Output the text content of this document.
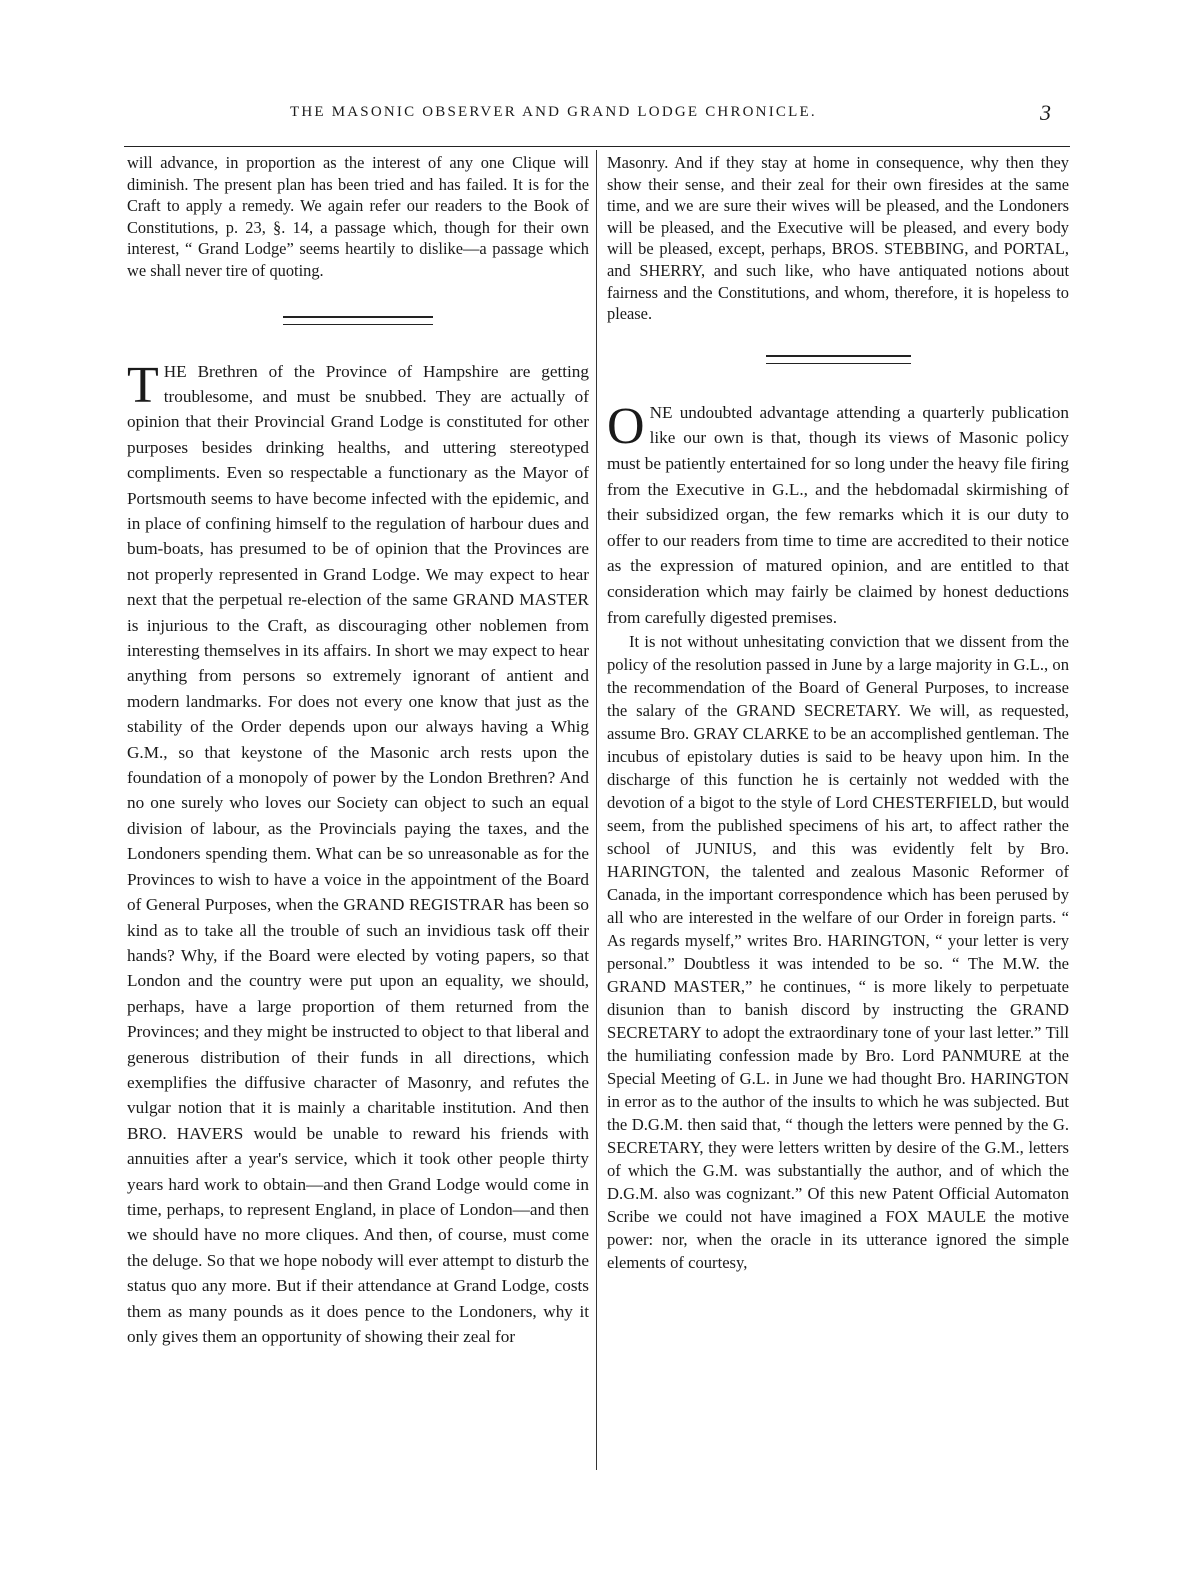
THE MASONIC OBSERVER AND GRAND LODGE CHRONICLE.	3

will advance, in proportion as the interest of any one Clique will diminish. The present plan has been tried and has failed. It is for the Craft to apply a remedy. We again refer our readers to the Book of Constitutions, p. 23, §. 14, a passage which, though for their own interest, “ Grand Lodge” seems heartily to dislike—a passage which we shall never tire of quoting.

THE Brethren of the Province of Hampshire are getting troublesome, and must be snubbed. They are actually of opinion that their Provincial Grand Lodge is constituted for other purposes besides drinking healths, and uttering stereotyped compliments. Even so respectable a functionary as the Mayor of Portsmouth seems to have become infected with the epidemic, and in place of confining himself to the regulation of harbour dues and bum-boats, has presumed to be of opinion that the Provinces are not properly represented in Grand Lodge. We may expect to hear next that the perpetual re-election of the same GRAND MASTER is injurious to the Craft, as discouraging other noblemen from interesting themselves in its affairs. In short we may expect to hear anything from persons so extremely ignorant of antient and modern landmarks. For does not every one know that just as the stability of the Order depends upon our always having a Whig G.M., so that keystone of the Masonic arch rests upon the foundation of a monopoly of power by the London Brethren? And no one surely who loves our Society can object to such an equal division of labour, as the Provincials paying the taxes, and the Londoners spending them. What can be so unreasonable as for the Provinces to wish to have a voice in the appointment of the Board of General Purposes, when the GRAND REGISTRAR has been so kind as to take all the trouble of such an invidious task off their hands? Why, if the Board were elected by voting papers, so that London and the country were put upon an equality, we should, perhaps, have a large proportion of them returned from the Provinces; and they might be instructed to object to that liberal and generous distribution of their funds in all directions, which exemplifies the diffusive character of Masonry, and refutes the vulgar notion that it is mainly a charitable institution. And then BRO. HAVERS would be unable to reward his friends with annuities after a year's service, which it took other people thirty years hard work to obtain—and then Grand Lodge would come in time, perhaps, to represent England, in place of London—and then we should have no more cliques. And then, of course, must come the deluge. So that we hope nobody will ever attempt to disturb the status quo any more. But if their attendance at Grand Lodge, costs them as many pounds as it does pence to the Londoners, why it only gives them an opportunity of showing their zeal for

Masonry. And if they stay at home in consequence, why then they show their sense, and their zeal for their own firesides at the same time, and we are sure their wives will be pleased, and the Londoners will be pleased, and the Executive will be pleased, and every body will be pleased, except, perhaps, BROS. STEBBING, and PORTAL, and SHERRY, and such like, who have antiquated notions about fairness and the Constitutions, and whom, therefore, it is hopeless to please.

ONE undoubted advantage attending a quarterly publication like our own is that, though its views of Masonic policy must be patiently entertained for so long under the heavy file firing from the Executive in G.L., and the hebdomadal skirmishing of their subsidized organ, the few remarks which it is our duty to offer to our readers from time to time are accredited to their notice as the expression of matured opinion, and are entitled to that consideration which may fairly be claimed by honest deductions from carefully digested premises.

It is not without unhesitating conviction that we dissent from the policy of the resolution passed in June by a large majority in G.L., on the recommendation of the Board of General Purposes, to increase the salary of the GRAND SECRETARY. We will, as requested, assume Bro. GRAY CLARKE to be an accomplished gentleman. The incubus of epistolary duties is said to be heavy upon him. In the discharge of this function he is certainly not wedded with the devotion of a bigot to the style of Lord CHESTERFIELD, but would seem, from the published specimens of his art, to affect rather the school of JUNIUS, and this was evidently felt by Bro. HARINGTON, the talented and zealous Masonic Reformer of Canada, in the important correspondence which has been perused by all who are interested in the welfare of our Order in foreign parts. “ As regards myself,” writes Bro. HARINGTON, “ your letter is very personal.” Doubtless it was intended to be so. “ The M.W. the GRAND MASTER,” he continues, “ is more likely to perpetuate disunion than to banish discord by instructing the GRAND SECRETARY to adopt the extraordinary tone of your last letter.” Till the humiliating confession made by Bro. Lord PANMURE at the Special Meeting of G.L. in June we had thought Bro. HARINGTON in error as to the author of the insults to which he was subjected. But the D.G.M. then said that, “ though the letters were penned by the G. SECRETARY, they were letters written by desire of the G.M., letters of which the G.M. was substantially the author, and of which the D.G.M. also was cognizant.” Of this new Patent Official Automaton Scribe we could not have imagined a FOX MAULE the motive power: nor, when the oracle in its utterance ignored the simple elements of courtesy,
